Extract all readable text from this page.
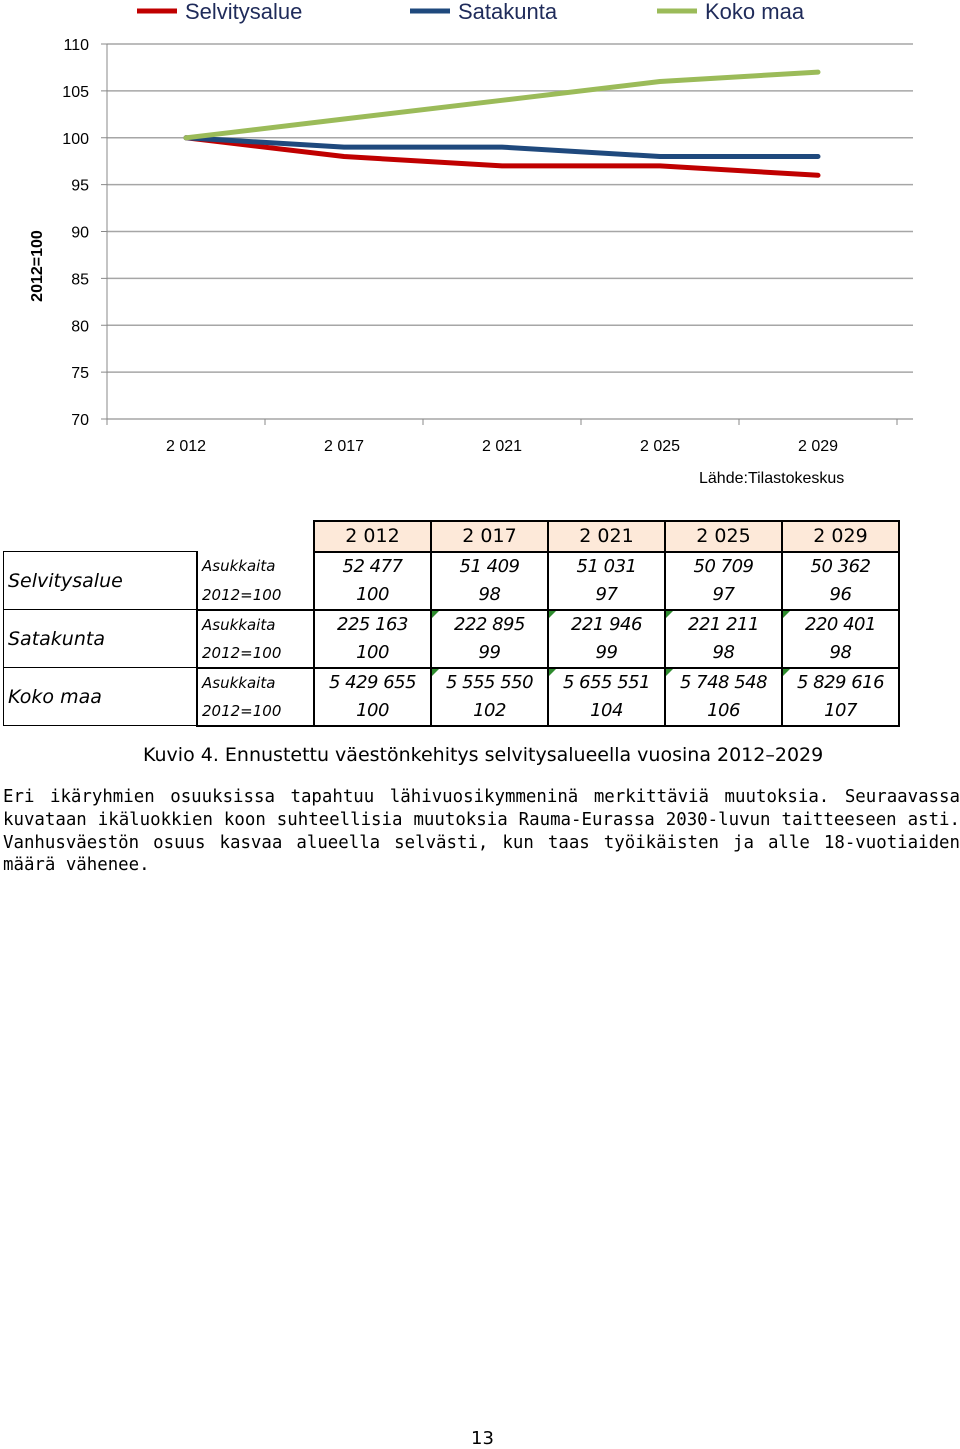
Selvitysalue	Satakunta	Koko maa
70
75
80
85
90
95
100
105
110
2 012	2 017	2 021	2 025	2 029
2012=100
Lähde:Tilastokeskus
		2 012	2 017	2 021	2 025	2 029
Selvitysalue	Asukkaita	52 477	51 409	51 031	50 709	50 362
	2012=100	100	98	97	97	96
Satakunta	Asukkaita	225 163	222 895	221 946	221 211	220 401
	2012=100	100	99	99	98	98
Koko maa	Asukkaita	5 429 655	5 555 550	5 655 551	5 748 548	5 829 616
	2012=100	100	102	104	106	107
Kuvio 4. Ennustettu väestönkehitys selvitysalueella vuosina 2012–2029
Eri ikäryhmien osuuksissa tapahtuu lähivuosikymmeninä merkittäviä muutoksia. Seuraavassa kuvataan ikäluokkien koon suhteellisia muutoksia Rauma-Eurassa 2030-luvun taitteeseen asti. Vanhusväestön osuus kasvaa alueella selvästi, kun taas työikäisten ja alle 18-vuotiaiden määrä vähenee.
13
